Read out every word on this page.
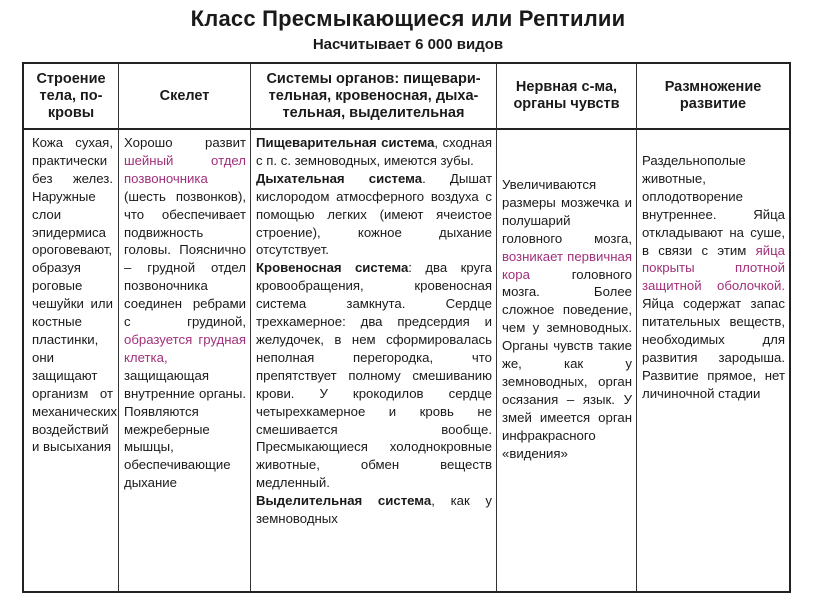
Класс Пресмыкающиеся или Рептилии
Насчитывает 6 000 видов
Строение
тела, по-
кровы
Скелет
Системы органов: пищевари-
тельная, кровеносная, дыха-
тельная, выделительная
Нервная с-ма,
органы чувств
Размножение
развитие

Кожа сухая, практически без желез. Наружные слои эпидермиса ороговевают, образуя роговые чешуйки или костные пластинки, они защищают организм от механических воздействий и высыхания

Хорошо развит шейный отдел позвоночника (шесть позвонков), что обеспечивает подвижность головы. Поясничнo – грудной отдел позвоночника соединен ребрами с грудиной, образуется грудная клетка, защищающая внутренние органы. Появляются межреберные мышцы, обеспечивающие дыхание

Пищеварительная система, сходная с п. с. земноводных, имеются зубы.

Дыхательная система. Дышат кислородом атмосферного воздуха с помощью легких (имеют ячеистое строение), кожное дыхание отсутствует.

Кровеносная система: два круга кровообращения, кровеносная система замкнута. Сердце трехкамерное: два предсердия и желудочек, в нем сформировалась неполная перегородка, что препятствует полному смешиванию крови. У крокодилов сердце четырехкамерное и кровь не смешивается вообще. Пресмыкающиеся холоднокровные животные, обмен веществ медленный.

Выделительная система, как у земноводных

Увеличиваются размеры мозжечка и полушарий головного мозга, возникает первичная кора головного мозга. Более сложное поведение, чем у земноводных. Органы чувств такие же, как у земноводных, орган осязания – язык. У змей имеется орган инфракрасного «видения»

Раздельнополые животные, оплодотворение внутреннее. Яйца откладывают на суше, в связи с этим яйца покрыты плотной защитной оболочкой. Яйца содержат запас питательных веществ, необходимых для развития зародыша. Развитие прямое, нет личиночной стадии
